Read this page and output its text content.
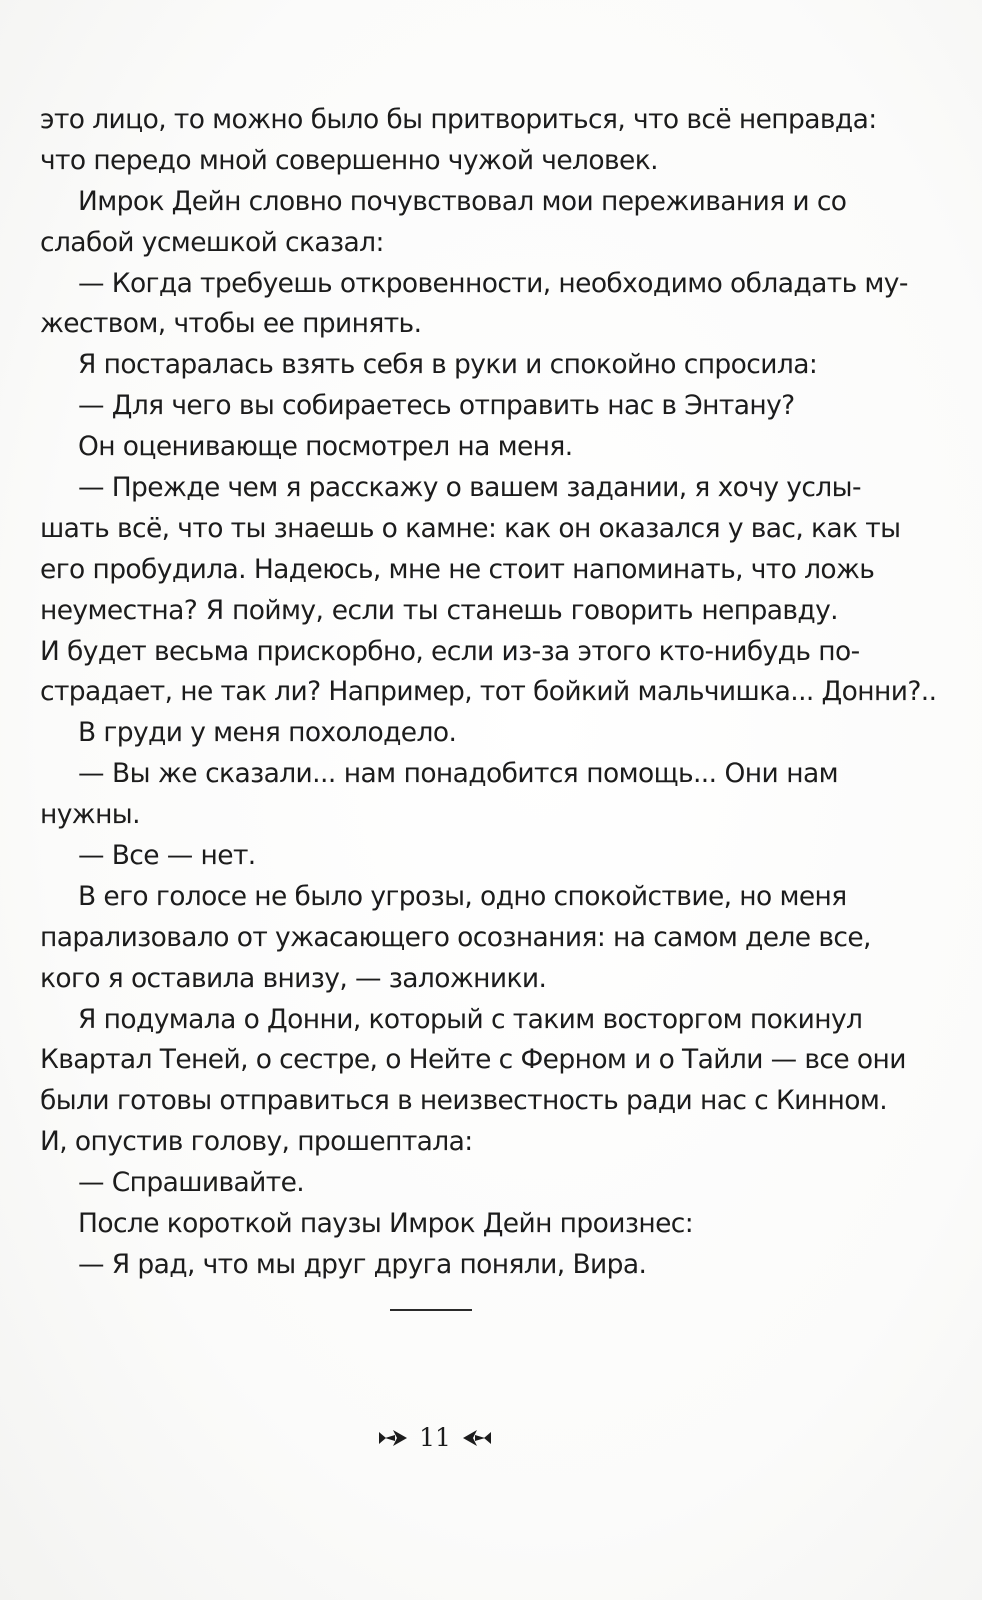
это лицо, то можно было бы притвориться, что всё неправда:
что передо мной совершенно чужой человек.
Имрок Дейн словно почувствовал мои переживания и со
слабой усмешкой сказал:
— Когда требуешь откровенности, необходимо обладать му-
жеством, чтобы ее принять.
Я постаралась взять себя в руки и спокойно спросила:
— Для чего вы собираетесь отправить нас в Энтану?
Он оценивающе посмотрел на меня.
— Прежде чем я расскажу о вашем задании, я хочу услы-
шать всё, что ты знаешь о камне: как он оказался у вас, как ты
его пробудила. Надеюсь, мне не стоит напоминать, что ложь
неуместна? Я пойму, если ты станешь говорить неправду.
И будет весьма прискорбно, если из-за этого кто-нибудь по-
страдает, не так ли? Например, тот бойкий мальчишка... Донни?..
В груди у меня похолодело.
— Вы же сказали... нам понадобится помощь... Они нам
нужны.
— Все — нет.
В его голосе не было угрозы, одно спокойствие, но меня
парализовало от ужасающего осознания: на самом деле все,
кого я оставила внизу, — заложники.
Я подумала о Донни, который с таким восторгом покинул
Квартал Теней, о сестре, о Нейте с Ферном и о Тайли — все они
были готовы отправиться в неизвестность ради нас с Кинном.
И, опустив голову, прошептала:
— Спрашивайте.
После короткой паузы Имрок Дейн произнес:
— Я рад, что мы друг друга поняли, Вира.
11
